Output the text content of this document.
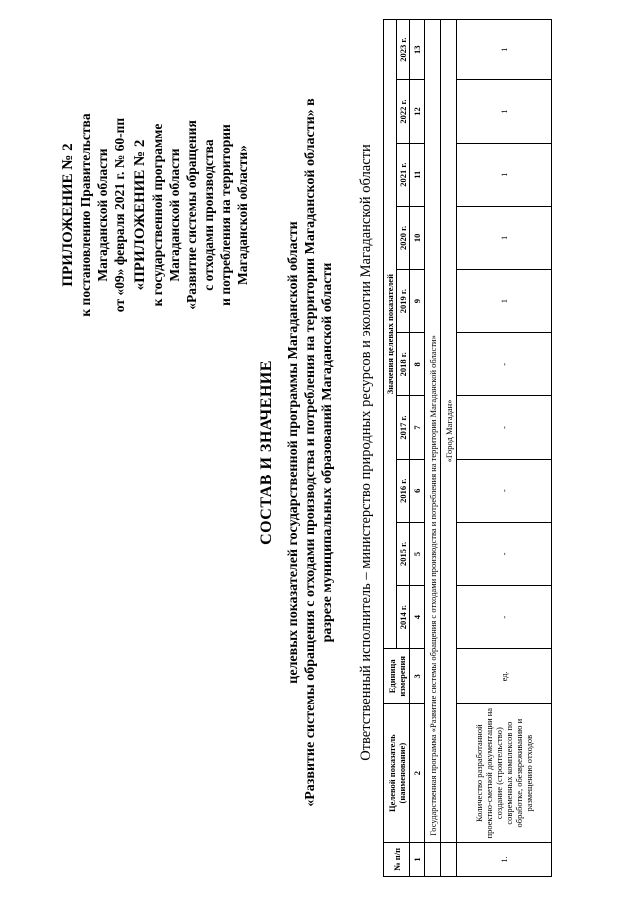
ПРИЛОЖЕНИЕ № 2 к постановлению Правительства Магаданской области от «09» февраля 2021 г. № 60-пп «ПРИЛОЖЕНИЕ № 2 к государственной программе Магаданской области «Развитие системы обращения с отходами производства и потребления на территории Магаданской области»
СОСТАВ И ЗНАЧЕНИЕ целевых показателей государственной программы Магаданской области «Развитие системы обращения с отходами производства и потребления на территории Магаданской области» в разрезе муниципальных образований Магаданской области Ответственный исполнитель – министерство природных ресурсов и экологии Магаданской области
№ п/п	Целевой показатель (наименование)	Единица измерения	Значения целевых показателей									
			2014 г.	2015 г.	2016 г.	2017 г.	2018 г.	2019 г.	2020 г.	2021 г.	2022 г.	2023 г.
1	2	3	4	5	6	7	8	9	10	11	12	13
	Государственная программа «Развитие системы обращения с отходами производства и потребления на территории Магаданской области»											
	«Город Магадан»											
1.	Количество разработанной проектно-сметной документации на создание (строительство) современных комплексов по обработке, обезвреживанию и размещению отходов	ед.	-	-	-	-	-	1	1	1	1	1
